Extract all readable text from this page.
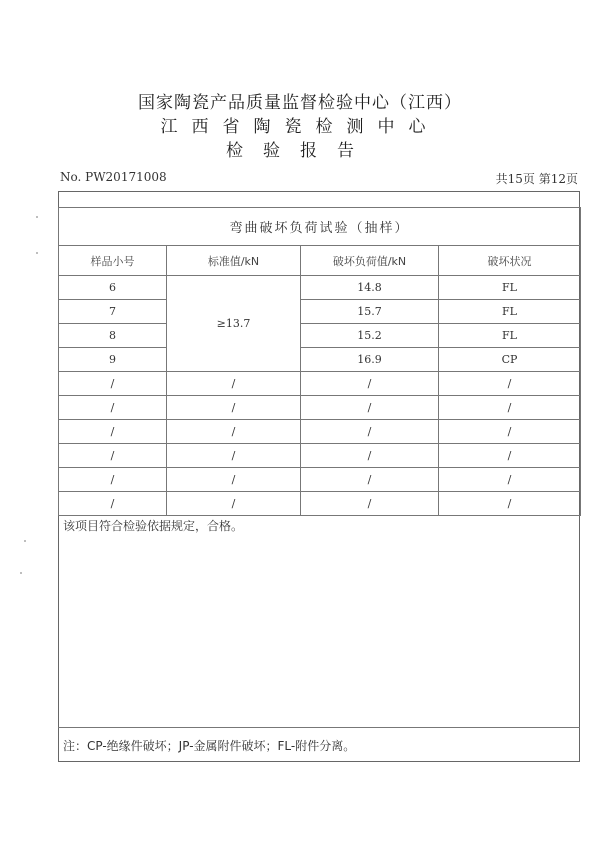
国家陶瓷产品质量监督检验中心（江西）
江西省陶瓷检测中心
检验报告
No. PW20171008	共15页 第12页
弯曲破坏负荷试验（抽样）			
样品小号	标准值/kN	破坏负荷值/kN	破坏状况
6	≥13.7	14.8	FL
7		15.7	FL
8		15.2	FL
9		16.9	CP
/	/	/	/
/	/	/	/
/	/	/	/
/	/	/	/
/	/	/	/
/	/	/	/
该项目符合检验依据规定，合格。
注：CP-绝缘件破坏；JP-金属附件破坏；FL-附件分离。
